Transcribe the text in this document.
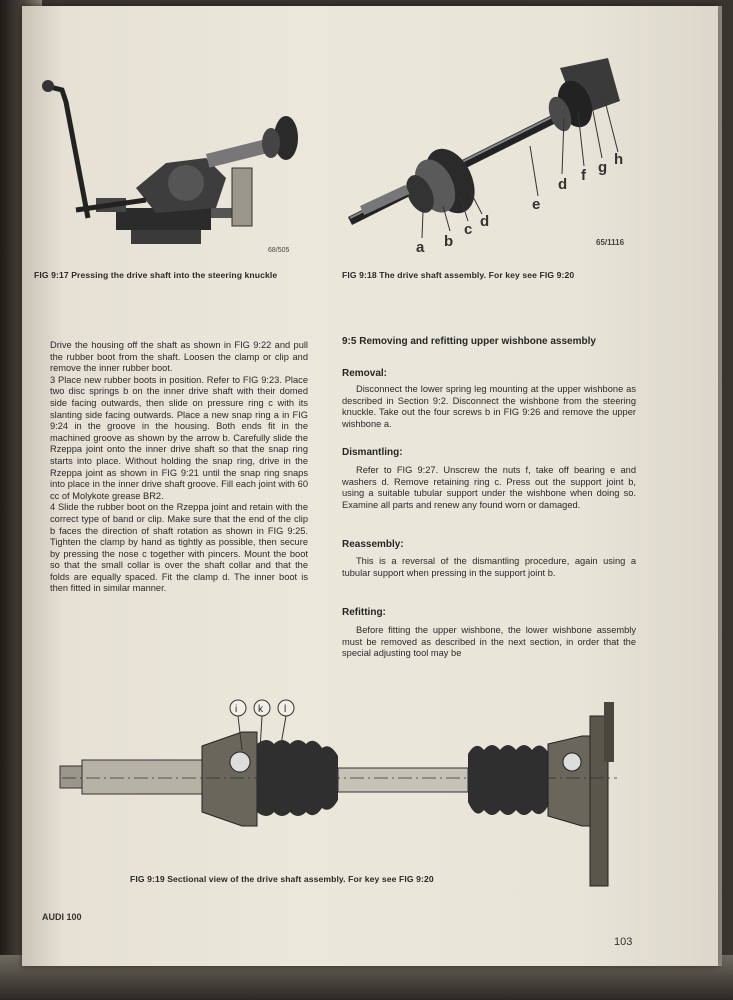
68/505	a b
c d
e
d
f g h
65/1116
FIG 9:17 Pressing the drive shaft into the steering knuckle	FIG 9:18 The drive shaft assembly. For key see FIG 9:20

Drive the housing off the shaft as shown in FIG 9:22 and pull the rubber boot from the shaft. Loosen the clamp or clip and remove the inner rubber boot.

3 Place new rubber boots in position. Refer to FIG 9:23. Place two disc springs b on the inner drive shaft with their domed side facing outwards, then slide on pressure ring c with its slanting side facing outwards. Place a new snap ring a in FIG 9:24 in the groove in the housing. Both ends fit in the machined groove as shown by the arrow b. Carefully slide the Rzeppa joint onto the inner drive shaft so that the snap ring starts into place. Without holding the snap ring, drive in the Rzeppa joint as shown in FIG 9:21 until the snap ring snaps into place in the inner drive shaft groove. Fill each joint with 60 cc of Molykote grease BR2.

4 Slide the rubber boot on the Rzeppa joint and retain with the correct type of band or clip. Make sure that the end of the clip b faces the direction of shaft rotation as shown in FIG 9:25. Tighten the clamp by hand as tightly as possible, then secure by pressing the nose c together with pincers. Mount the boot so that the small collar is over the shaft collar and that the folds are equally spaced. Fit the clamp d. The inner boot is then fitted in similar manner.

9:5 Removing and refitting upper wishbone assembly
Removal:
Disconnect the lower spring leg mounting at the upper wishbone as described in Section 9:2. Disconnect the wishbone from the steering knuckle. Take out the four screws b in FIG 9:26 and remove the upper wishbone a.
Dismantling:
Refer to FIG 9:27. Unscrew the nuts f, take off bearing e and washers d. Remove retaining ring c. Press out the support joint b, using a suitable tubular support under the wishbone when doing so. Examine all parts and renew any found worn or damaged.
Reassembly:
This is a reversal of the dismantling procedure, again using a tubular support when pressing in the support joint b.
Refitting:
Before fitting the upper wishbone, the lower wishbone assembly must be removed as described in the next section, in order that the special adjusting tool may be
i k l
FIG 9:19 Sectional view of the drive shaft assembly. For key see FIG 9:20
AUDI 100
103
